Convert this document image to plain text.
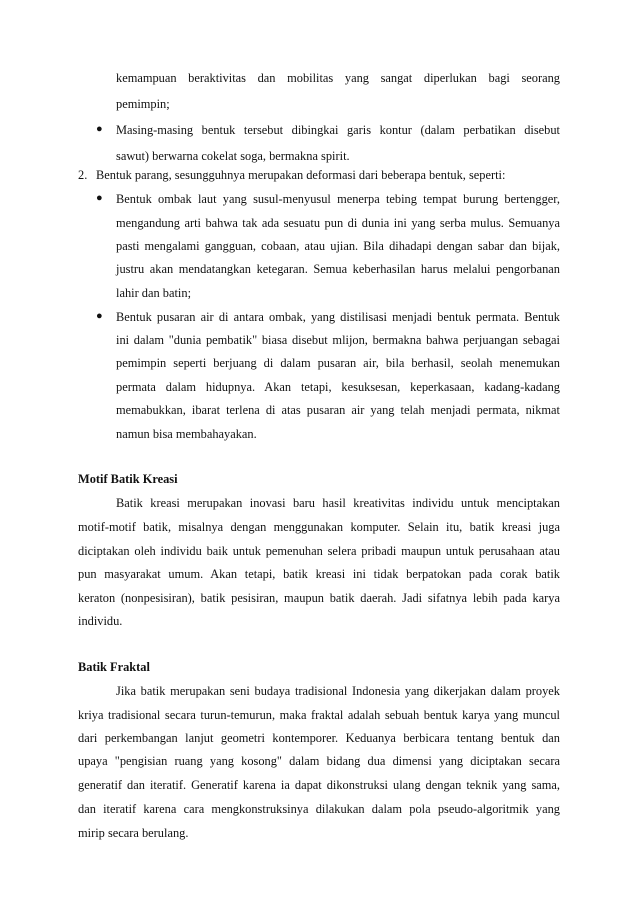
kemampuan beraktivitas dan mobilitas yang sangat diperlukan bagi seorang
pemimpin;
● Masing-masing bentuk tersebut dibingkai garis kontur (dalam perbatikan disebut
sawut) berwarna cokelat soga, bermakna spirit.
2. Bentuk parang, sesungguhnya merupakan deformasi dari beberapa bentuk, seperti:
● Bentuk ombak laut yang susul-menyusul menerpa tebing tempat burung bertengger,
mengandung arti bahwa tak ada sesuatu pun di dunia ini yang serba mulus. Semuanya
pasti mengalami gangguan, cobaan, atau ujian. Bila dihadapi dengan sabar dan bijak,
justru akan mendatangkan ketegaran. Semua keberhasilan harus melalui pengorbanan
lahir dan batin;
● Bentuk pusaran air di antara ombak, yang distilisasi menjadi bentuk permata. Bentuk
ini dalam "dunia pembatik" biasa disebut mlijon, bermakna bahwa perjuangan sebagai
pemimpin seperti berjuang di dalam pusaran air, bila berhasil, seolah menemukan
permata dalam hidupnya. Akan tetapi, kesuksesan, keperkasaan, kadang-kadang
memabukkan, ibarat terlena di atas pusaran air yang telah menjadi permata, nikmat
namun bisa membahayakan.
Motif Batik Kreasi
Batik kreasi merupakan inovasi baru hasil kreativitas individu untuk menciptakan
motif-motif batik, misalnya dengan menggunakan komputer. Selain itu, batik kreasi juga
diciptakan oleh individu baik untuk pemenuhan selera pribadi maupun untuk perusahaan atau
pun masyarakat umum. Akan tetapi, batik kreasi ini tidak berpatokan pada corak batik
keraton (nonpesisiran), batik pesisiran, maupun batik daerah. Jadi sifatnya lebih pada karya
individu.
Batik Fraktal
Jika batik merupakan seni budaya tradisional Indonesia yang dikerjakan dalam proyek
kriya tradisional secara turun-temurun, maka fraktal adalah sebuah bentuk karya yang muncul
dari perkembangan lanjut geometri kontemporer. Keduanya berbicara tentang bentuk dan
upaya "pengisian ruang yang kosong" dalam bidang dua dimensi yang diciptakan secara
generatif dan iteratif. Generatif karena ia dapat dikonstruksi ulang dengan teknik yang sama,
dan iteratif karena cara mengkonstruksinya dilakukan dalam pola pseudo-algoritmik yang
mirip secara berulang.
